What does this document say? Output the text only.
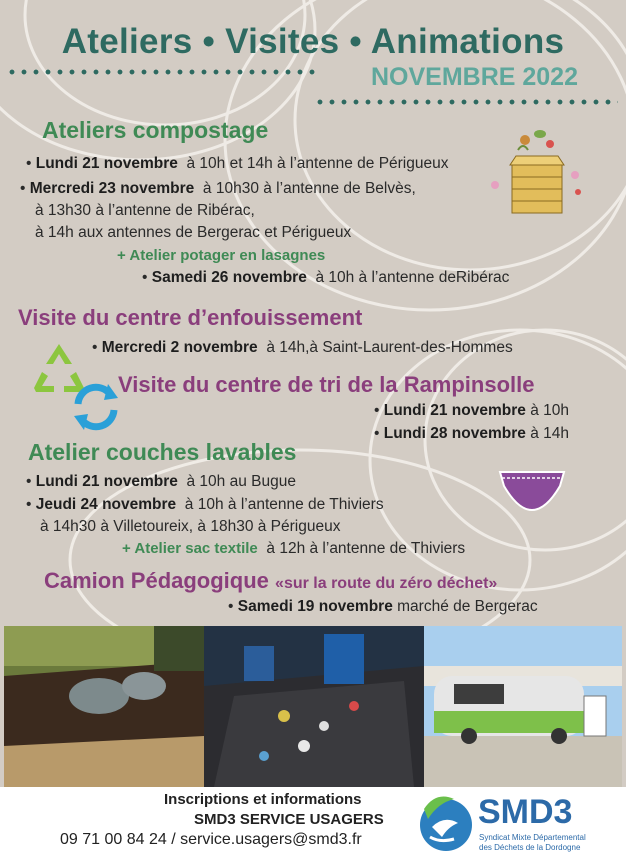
Ateliers • Visites • Animations
NOVEMBRE 2022
Ateliers compostage
• Lundi 21 novembre à 10h et 14h à l’antenne de Périgueux
• Mercredi 23 novembre à 10h30 à l’antenne de Belvès,
à 13h30 à l’antenne de Ribérac,
à 14h aux antennes de Bergerac et Périgueux
+ Atelier potager en lasagnes
• Samedi 26 novembre à 10h à l’antenne deRibérac
Visite du centre d’enfouissement
• Mercredi 2 novembre à 14h,à Saint-Laurent-des-Hommes
Visite du centre de tri de la Rampinsolle
• Lundi 21 novembre à 10h
• Lundi 28 novembre à 14h
Atelier couches lavables
• Lundi 21 novembre à 10h au Bugue
• Jeudi 24 novembre à 10h à l’antenne de Thiviers
à 14h30 à Villetoureix, à 18h30 à Périgueux
+ Atelier sac textile à 12h à l’antenne de Thiviers
Camion Pédagogique «sur la route du zéro déchet»
• Samedi 19 novembre marché de Bergerac
Inscriptions et informations
SMD3 SERVICE USAGERS
09 71 00 84 24 / service.usagers@smd3.fr
SMD3
Syndicat Mixte Départemental
des Déchets de la Dordogne
